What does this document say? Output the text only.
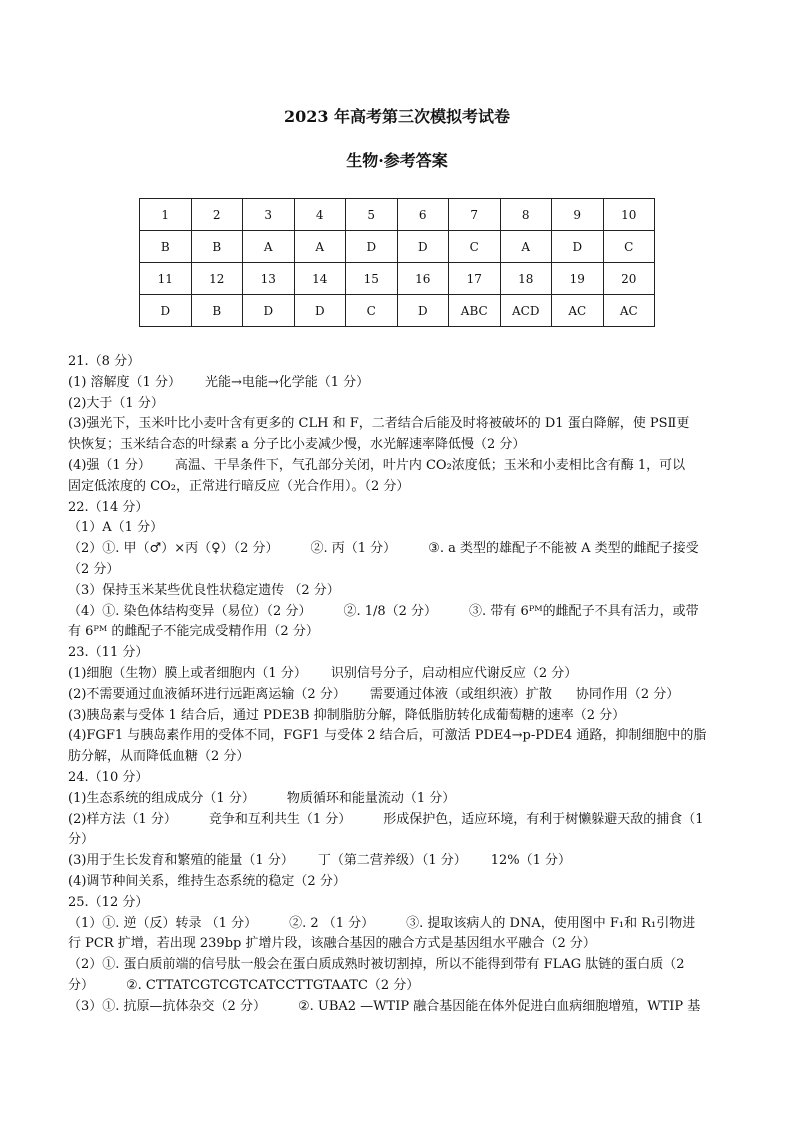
2023 年高考第三次模拟考试卷
生物·参考答案
1	2	3	4	5	6	7	8	9	10
B	B	A	A	D	D	C	A	D	C
11	12	13	14	15	16	17	18	19	20
D	B	D	D	C	D	ABC	ACD	AC	AC
21.（8 分）
(1) 溶解度（1 分） 光能→电能→化学能（1 分）
(2)大于（1 分）
(3)强光下，玉米叶比小麦叶含有更多的 CLH 和 F，二者结合后能及时将被破坏的 D1 蛋白降解，使 PSⅡ更
快恢复；玉米结合态的叶绿素 a 分子比小麦减少慢，水光解速率降低慢（2 分）
(4)强（1 分） 高温、干旱条件下，气孔部分关闭，叶片内 CO₂浓度低；玉米和小麦相比含有酶 1，可以
固定低浓度的 CO₂，正常进行暗反应（光合作用）。（2 分）
22.（14 分）
（1）A（1 分）
（2）①. 甲（♂）×丙（♀）（2 分） ②. 丙（1 分） ③. a 类型的雄配子不能被 A 类型的雌配子接受
（2 分）
（3）保持玉米某些优良性状稳定遗传 （2 分）
（4）①. 染色体结构变异（易位）（2 分） ②. 1/8（2 分） ③. 带有 6ᴾᴹ的雌配子不具有活力，或带
有 6ᴾᴹ 的雌配子不能完成受精作用（2 分）
23.（11 分）
(1)细胞（生物）膜上或者细胞内（1 分） 识别信号分子，启动相应代谢反应（2 分）
(2)不需要通过血液循环进行远距离运输（2 分） 需要通过体液（或组织液）扩散 协同作用（2 分）
(3)胰岛素与受体 1 结合后，通过 PDE3B 抑制脂肪分解，降低脂肪转化成葡萄糖的速率（2 分）
(4)FGF1 与胰岛素作用的受体不同，FGF1 与受体 2 结合后，可激活 PDE4→p-PDE4 通路，抑制细胞中的脂
肪分解，从而降低血糖（2 分）
24.（10 分）
(1)生态系统的组成成分（1 分） 物质循环和能量流动（1 分）
(2)样方法（1 分） 竞争和互利共生（1 分） 形成保护色，适应环境，有利于树懒躲避天敌的捕食（1
分）
(3)用于生长发育和繁殖的能量（1 分） 丁（第二营养级）（1 分） 12%（1 分）
(4)调节种间关系，维持生态系统的稳定（2 分）
25.（12 分）
（1）①. 逆（反）转录 （1 分） ②. 2 （1 分） ③. 提取该病人的 DNA，使用图中 F₁和 R₁引物进
行 PCR 扩增，若出现 239bp 扩增片段，该融合基因的融合方式是基因组水平融合（2 分）
（2）①. 蛋白质前端的信号肽一般会在蛋白质成熟时被切割掉，所以不能得到带有 FLAG 肽链的蛋白质（2
分） ②. CTTATCGTCGTCATCCTTGTAATC（2 分）
（3）①. 抗原—抗体杂交（2 分） ②. UBA2 —WTIP 融合基因能在体外促进白血病细胞增殖，WTIP 基
